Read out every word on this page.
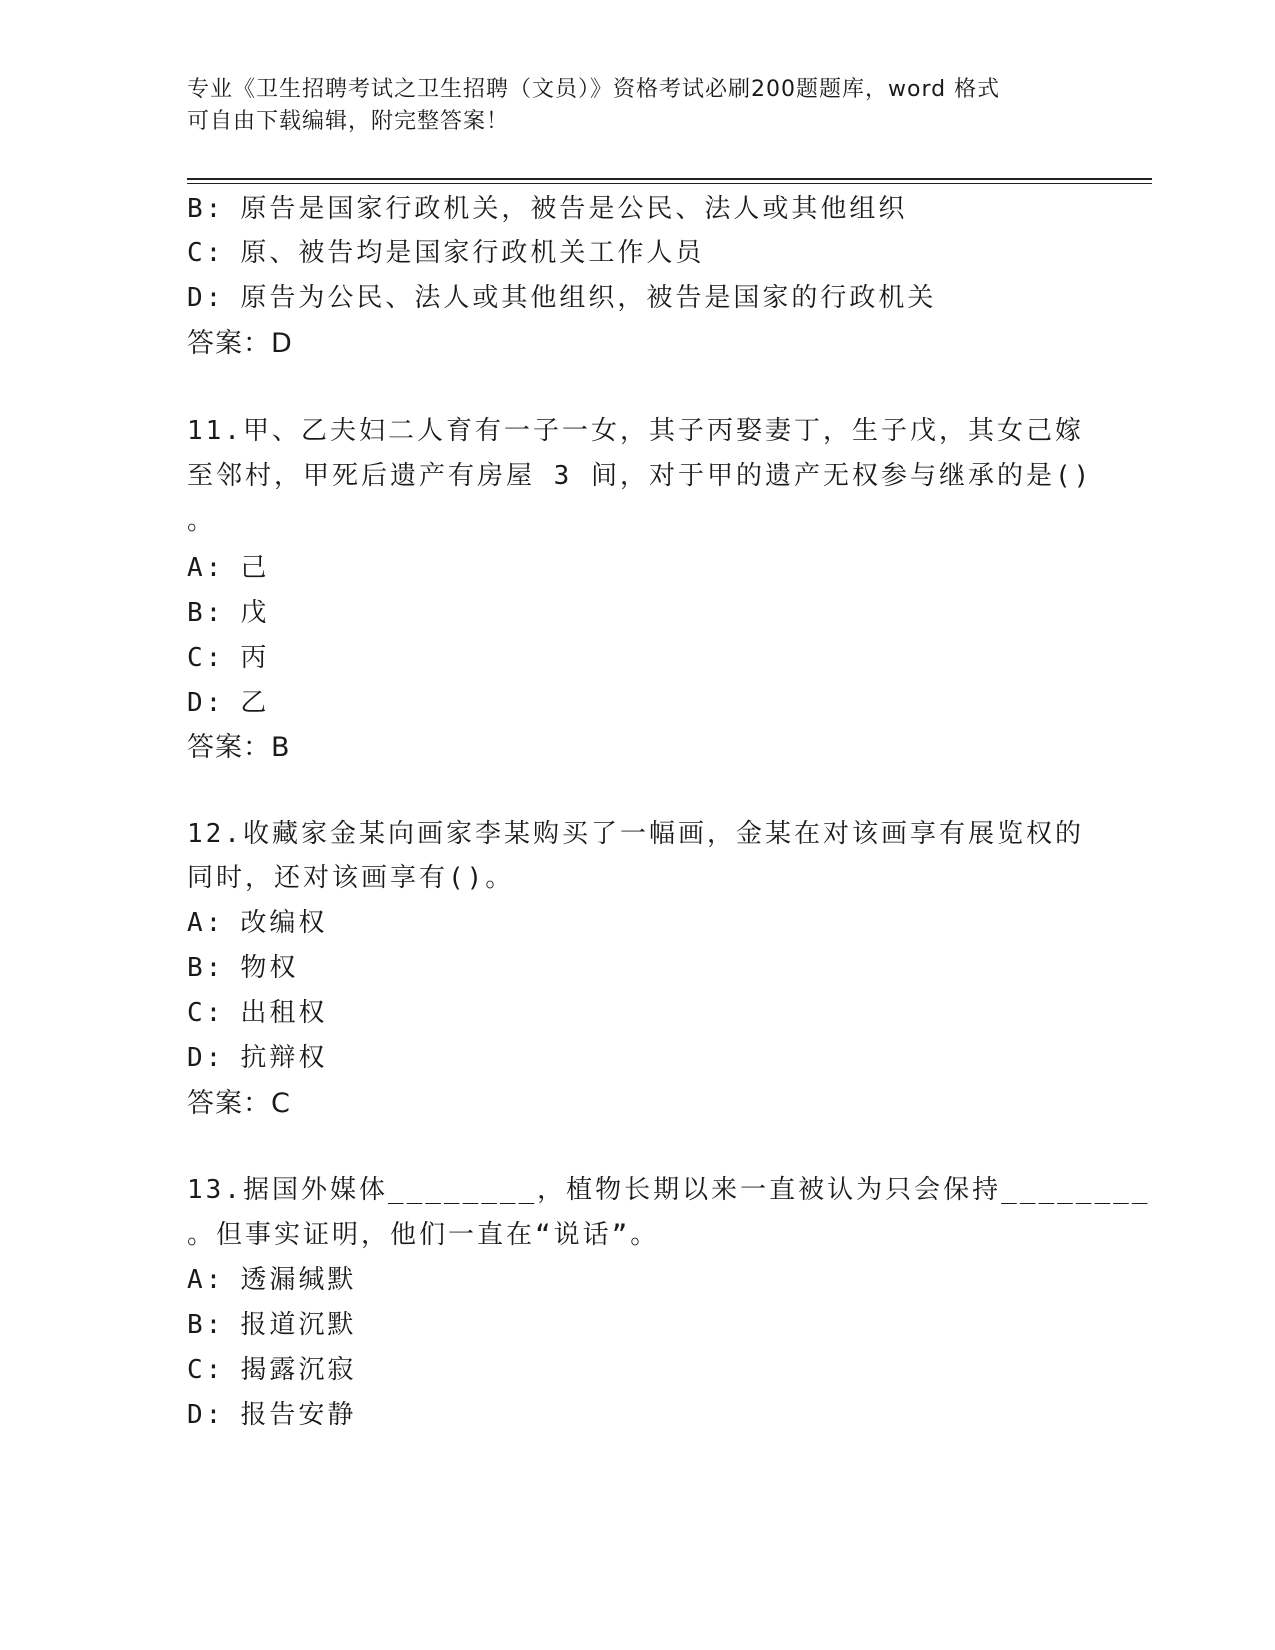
专业《卫生招聘考试之卫生招聘（文员）》资格考试必刷200题题库，word 格式
可自由下载编辑，附完整答案！
B: 原告是国家行政机关，被告是公民、法人或其他组织
C: 原、被告均是国家行政机关工作人员
D: 原告为公民、法人或其他组织，被告是国家的行政机关
答案：D
11.甲、乙夫妇二人育有一子一女，其子丙娶妻丁，生子戊，其女己嫁
至邻村，甲死后遗产有房屋 3 间，对于甲的遗产无权参与继承的是()
。
A: 己
B: 戊
C: 丙
D: 乙
答案：B
12.收藏家金某向画家李某购买了一幅画，金某在对该画享有展览权的
同时，还对该画享有()。
A: 改编权
B: 物权
C: 出租权
D: 抗辩权
答案：C
13.据国外媒体________，植物长期以来一直被认为只会保持________
。但事实证明，他们一直在“说话”。
A: 透漏缄默
B: 报道沉默
C: 揭露沉寂
D: 报告安静
